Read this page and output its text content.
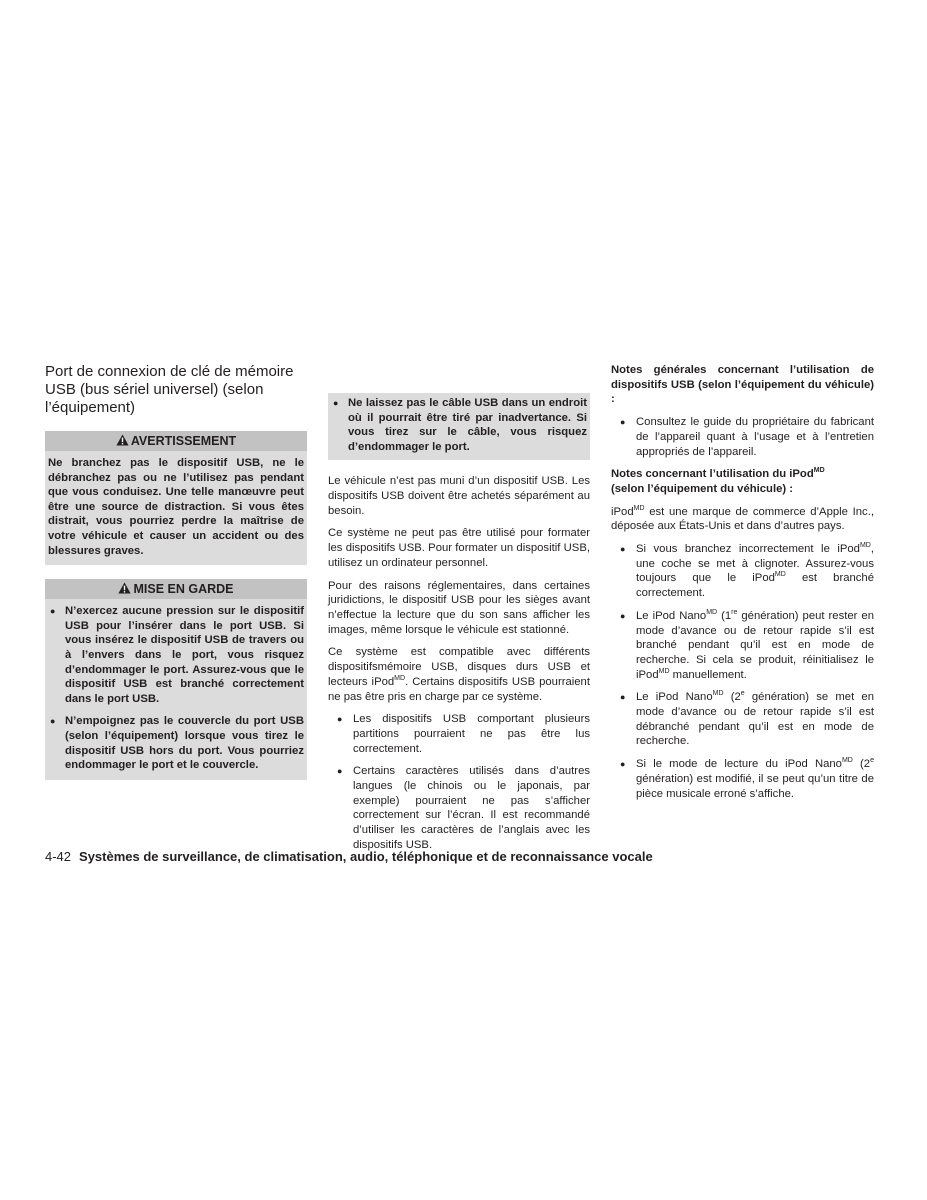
Port de connexion de clé de mémoire USB (bus sériel universel) (selon l’équipement)
AVERTISSEMENT
Ne branchez pas le dispositif USB, ne le débranchez pas ou ne l’utilisez pas pendant que vous conduisez. Une telle manœuvre peut être une source de distraction. Si vous êtes distrait, vous pourriez perdre la maîtrise de votre véhicule et causer un accident ou des blessures graves.
MISE EN GARDE
● N’exercez aucune pression sur le dispositif USB pour l’insérer dans le port USB. Si vous insérez le dispositif USB de travers ou à l’envers dans le port, vous risquez d’endommager le port. Assurez-vous que le dispositif USB est branché correctement dans le port USB.
● N’empoignez pas le couvercle du port USB (selon l’équipement) lorsque vous tirez le dispositif USB hors du port. Vous pourriez endommager le port et le couvercle.
● Ne laissez pas le câble USB dans un endroit où il pourrait être tiré par inadvertance. Si vous tirez sur le câble, vous risquez d’endommager le port.

Le véhicule n’est pas muni d’un dispositif USB. Les dispositifs USB doivent être achetés séparément au besoin.

Ce système ne peut pas être utilisé pour formater les dispositifs USB. Pour formater un dispositif USB, utilisez un ordinateur personnel.

Pour des raisons réglementaires, dans certaines juridictions, le dispositif USB pour les sièges avant n’effectue la lecture que du son sans afficher les images, même lorsque le véhicule est stationné.

Ce système est compatible avec différents dispositifsmémoire USB, disques durs USB et lecteurs iPod$^{MD}$. Certains dispositifs USB pourraient ne pas être pris en charge par ce système.

● Les dispositifs USB comportant plusieurs partitions pourraient ne pas être lus correctement.
● Certains caractères utilisés dans d’autres langues (le chinois ou le japonais, par exemple) pourraient ne pas s’afficher correctement sur l’écran. Il est recommandé d’utiliser les caractères de l’anglais avec les dispositifs USB.

Notes générales concernant l’utilisation de dispositifs USB (selon l’équipement du véhicule) :

● Consultez le guide du propriétaire du fabricant de l’appareil quant à l’usage et à l’entretien appropriés de l’appareil.

Notes concernant l’utilisation du iPod$^{MD}$
(selon l’équipement du véhicule) :

iPod$^{MD}$ est une marque de commerce d’Apple Inc., déposée aux États-Unis et dans d’autres pays.

● Si vous branchez incorrectement le iPod$^{MD}$, une coche se met à clignoter. Assurez-vous toujours que le iPod$^{MD}$ est branché correctement.
● Le iPod Nano$^{MD}$ (1re génération) peut rester en mode d’avance ou de retour rapide s’il est branché pendant qu’il est en mode de recherche. Si cela se produit, réinitialisez le iPod$^{MD}$ manuellement.
● Le iPod Nano$^{MD}$ (2e génération) se met en mode d’avance ou de retour rapide s’il est débranché pendant qu’il est en mode de recherche.
● Si le mode de lecture du iPod Nano$^{MD}$ (2e génération) est modifié, il se peut qu’un titre de pièce musicale erroné s’affiche.
4-42 Systèmes de surveillance, de climatisation, audio, téléphonique et de reconnaissance vocale
